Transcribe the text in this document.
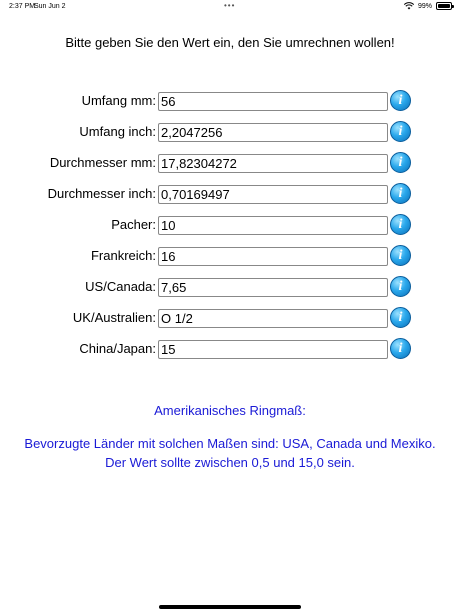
2:37 PM
Sun Jun 2	•••	99%
Bitte geben Sie den Wert ein, den Sie umrechnen wollen!
Umfang mm:
56	i
Umfang inch:
2,2047256	i
Durchmesser mm:
17,82304272	i
Durchmesser inch:
0,70169497	i
Pacher:
10	i
Frankreich:
16	i
US/Canada:
7,65	i
UK/Australien:
O 1/2	i
China/Japan:
15	i
Amerikanisches Ringmaß:
Bevorzugte Länder mit solchen Maßen sind: USA, Canada und Mexiko.
Der Wert sollte zwischen 0,5 und 15,0 sein.
